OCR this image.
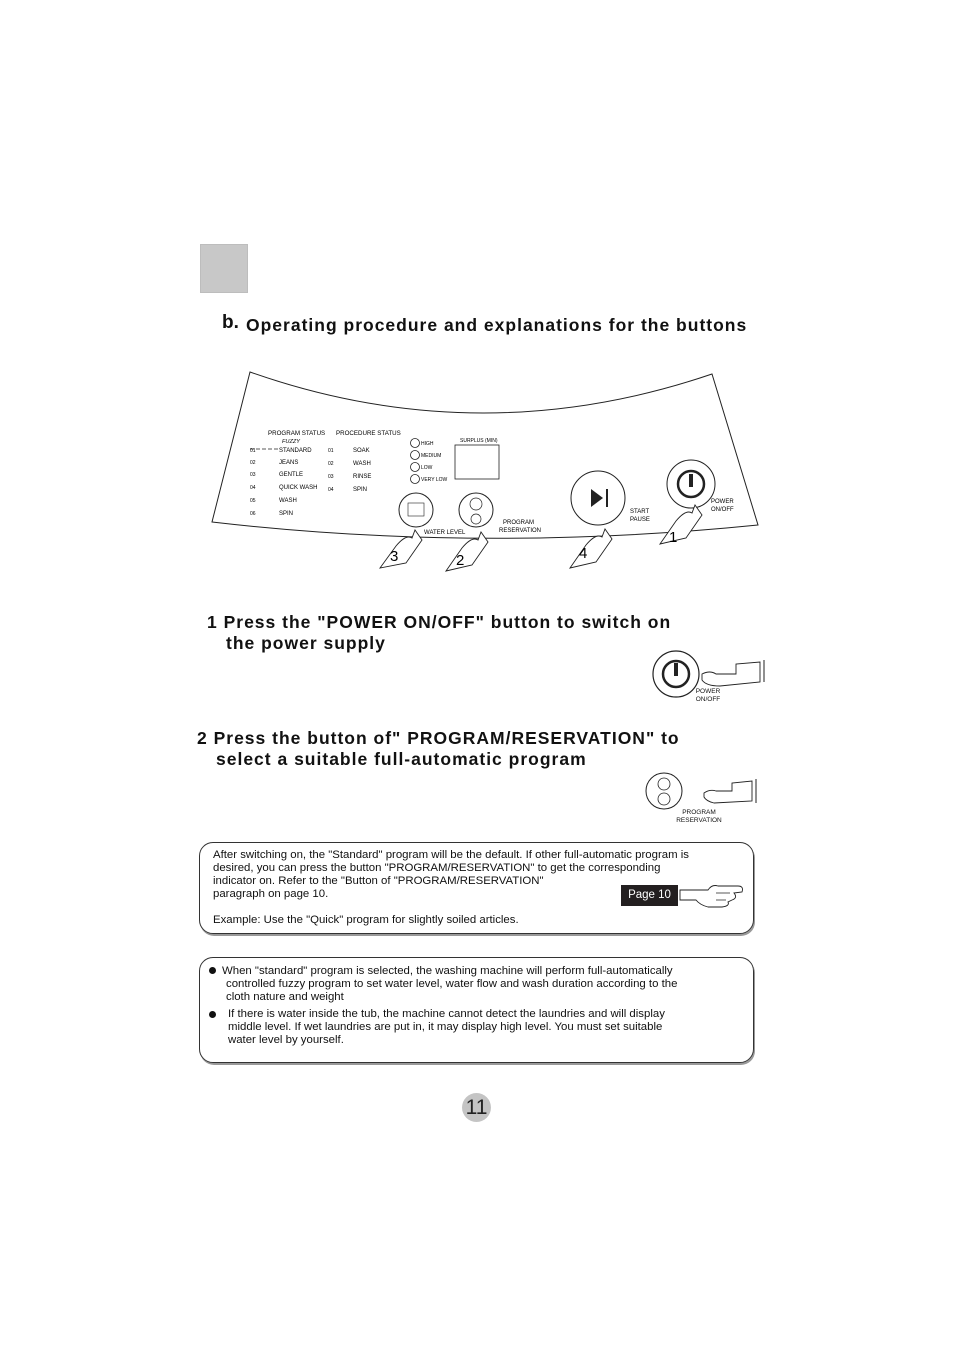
b. Operating procedure and explanations for the buttons
PROGRAM STATUS
FUZZY
01	STANDARD
02	JEANS
03	GENTLE
04	QUICK WASH
05	WASH
06	SPIN
PROCEDURE STATUS
01	SOAK
02	WASH
03	RINSE
04	SPIN
HIGH
MEDIUM
LOW
VERY LOW
SURPLUS (MIN)
WATER LEVEL
PROGRAM
RESERVATION
START
PAUSE
POWER
ON/OFF
3	2	4
1
1 Press the "POWER ON/OFF" button to switch on
the power supply
POWER
ON/OFF
2 Press the button of" PROGRAM/RESERVATION" to
select a suitable full-automatic program
PROGRAM
RESERVATION
After switching on, the "Standard" program will be the default. If other full-automatic program is
desired, you can press the button "PROGRAM/RESERVATION" to get the corresponding
indicator on. Refer to the "Button of "PROGRAM/RESERVATION"
paragraph on page 10.
Example: Use the "Quick" program for slightly soiled articles.
Page 10
When "standard" program is selected, the washing machine will perform full-automatically
controlled fuzzy program to set water level, water flow and wash duration according to the
cloth nature and weight
If there is water inside the tub, the machine cannot detect the laundries and will display
middle level. If wet laundries are put in, it may display high level. You must set suitable
water level by yourself.
11
